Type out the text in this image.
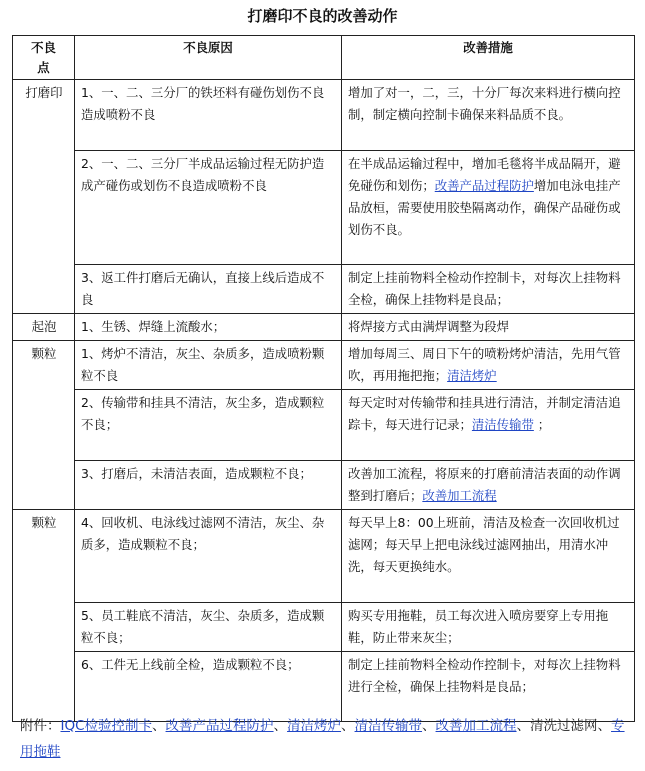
打磨印不良的改善动作
不良
点	不良原因	改善措施
打磨印	1、一、二、三分厂的铁坯料有碰伤划伤不良造成喷粉不良	增加了对一，二，三，十分厂每次来料进行横向控制，制定横向控制卡确保来料品质不良。
	2、一、二、三分厂半成品运输过程无防护造成产碰伤或划伤不良造成喷粉不良	在半成品运输过程中，增加毛毯将半成品隔开，避免碰伤和划伤；改善产品过程防护增加电泳电挂产品放桓，需要使用胶垫隔离动作，确保产品碰伤或划伤不良。
	3、返工件打磨后无确认，直接上线后造成不良	制定上挂前物料全检动作控制卡，对每次上挂物料全检，确保上挂物料是良品；
起泡	1、生锈、焊缝上流酸水；	将焊接方式由满焊调整为段焊
颗粒	1、烤炉不清洁，灰尘、杂质多，造成喷粉颗粒不良	增加每周三、周日下午的喷粉烤炉清洁，先用气管吹，再用拖把拖；清洁烤炉
	2、传输带和挂具不清洁，灰尘多，造成颗粒不良；	每天定时对传输带和挂具进行清洁，并制定清洁追踪卡，每天进行记录；清洁传输带 ；
	3、打磨后，未清洁表面，造成颗粒不良；	改善加工流程，将原来的打磨前清洁表面的动作调整到打磨后；改善加工流程
颗粒	4、回收机、电泳线过滤网不清洁，灰尘、杂质多，造成颗粒不良；	每天早上8：00上班前，清洁及检查一次回收机过滤网；每天早上把电泳线过滤网抽出，用清水冲洗，每天更换纯水。
	5、员工鞋底不清洁，灰尘、杂质多，造成颗粒不良；	购买专用拖鞋，员工每次进入喷房要穿上专用拖鞋，防止带来灰尘；
	6、工件无上线前全检，造成颗粒不良；	制定上挂前物料全检动作控制卡，对每次上挂物料进行全检，确保上挂物料是良品；
附件：IQC检验控制卡、改善产品过程防护、清洁烤炉、清洁传输带、改善加工流程、清洗过滤网、专用拖鞋
